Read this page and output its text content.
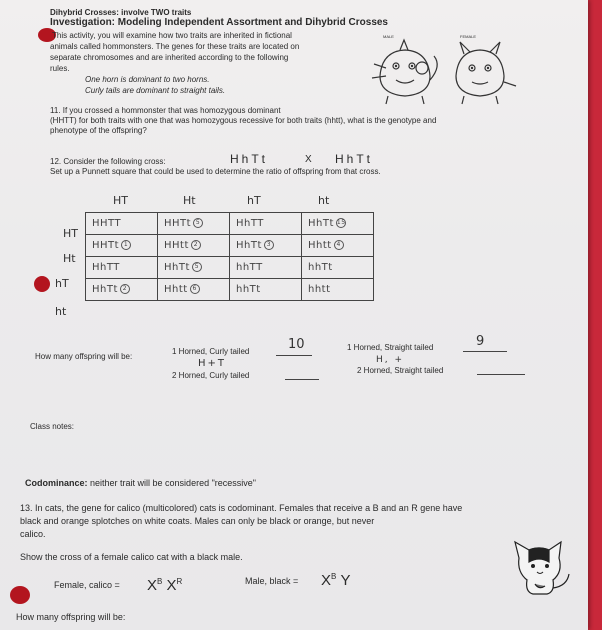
Dihybrid Crosses: involve TWO traits
Investigation: Modeling Independent Assortment and Dihybrid Crosses
This activity, you will examine how two traits are inherited in fictional
animals called hommonsters. The genes for these traits are located on
separate chromosomes and are inherited according to the following
rules.
One horn is dominant to two horns.
Curly tails are dominant to straight tails.
MALE	FEMALE
11. If you crossed a hommonster that was homozygous dominant
(HHTT) for both traits with one that was homozygous recessive for both traits (hhtt), what is the genotype and
phenotype of the offspring?
12. Consider the following cross:	HhTt	X HhTt
Set up a Punnett square that could be used to determine the ratio of offspring from that cross.
HT	Ht	hT	ht
HT
Ht
hT
ht
HHTT	HHTt 5	HhTT	HhTt 15
HHTt 1	HHtt 2	HhTt 3	Hhtt 4
HhTT	HhTt 5	hhTT	hhTt
HhTt 2	Hhtt 6	hhTt	hhtt
How many offspring will be:
1 Horned, Curly tailed	10
H+T
2 Horned, Curly tailed
1 Horned, Straight tailed	9
H, +
2 Horned, Straight tailed
Class notes:
Codominance: neither trait will be considered "recessive"
13. In cats, the gene for calico (multicolored) cats is codominant. Females that receive a B and an R gene have
black and orange splotches on white coats. Males can only be black or orange, but never
calico.
Show the cross of a female calico cat with a black male.
Female, calico = $X^B$ $X^R$	Male, black = $X^B$ Y
How many offspring will be:
